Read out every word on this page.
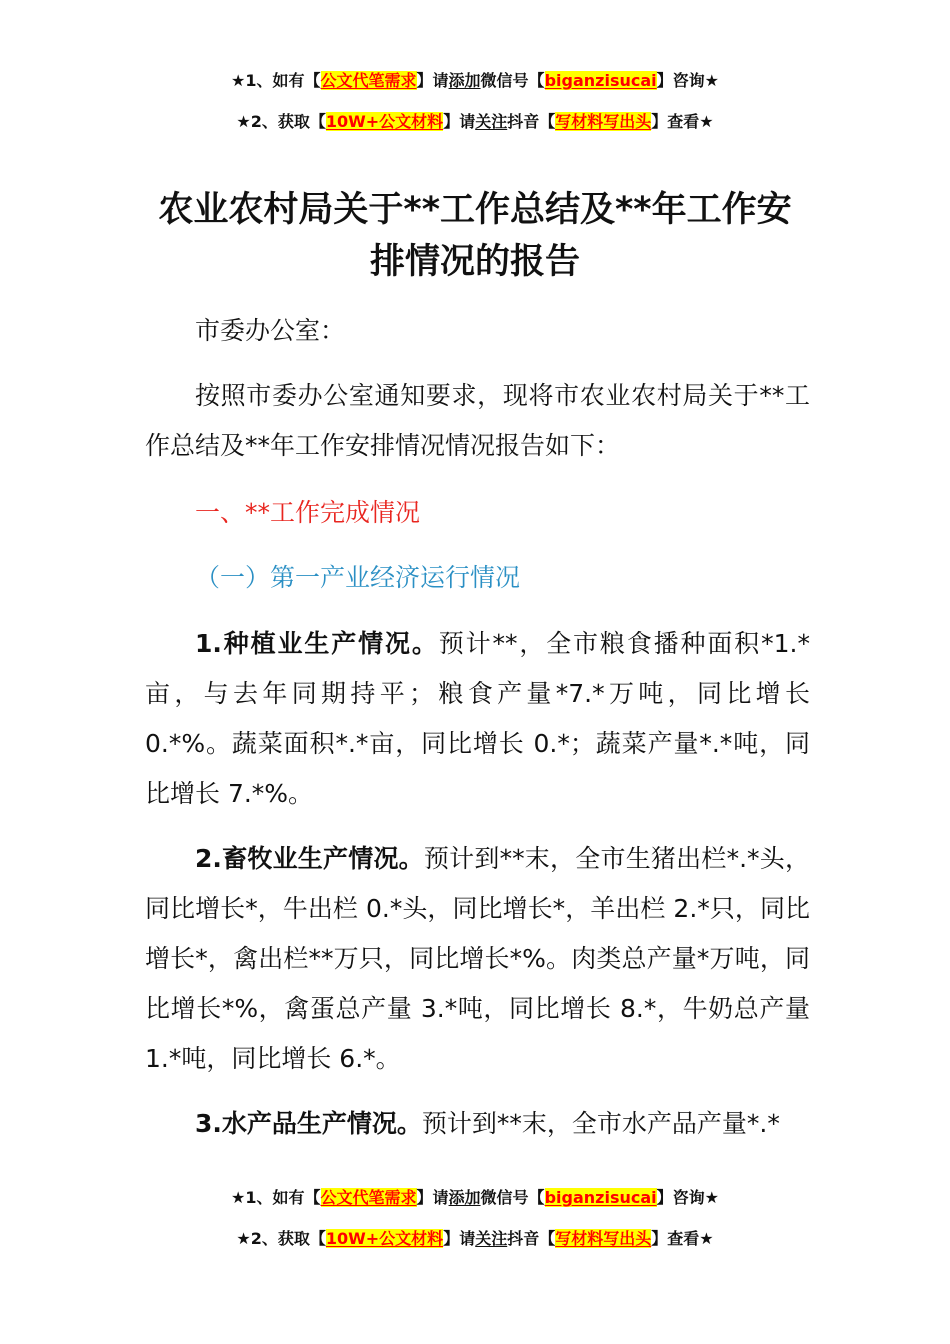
★1、如有【公文代笔需求】请添加微信号【biganzisucai】咨询★
★2、获取【10W+公文材料】请关注抖音【写材料写出头】查看★
农业农村局关于**工作总结及**年工作安
排情况的报告

市委办公室：

按照市委办公室通知要求，现将市农业农村局关于**工作总结及**年工作安排情况情况报告如下：

一、**工作完成情况

（一）第一产业经济运行情况

1.种植业生产情况。预计**，全市粮食播种面积*1.*亩，与去年同期持平；粮食产量*7.*万吨，同比增长 0.*%。蔬菜面积*.*亩，同比增长 0.*；蔬菜产量*.*吨，同比增长 7.*%。

2.畜牧业生产情况。预计到**末，全市生猪出栏*.*头，同比增长*，牛出栏 0.*头，同比增长*，羊出栏 2.*只，同比增长*，禽出栏**万只，同比增长*%。肉类总产量*万吨，同比增长*%，禽蛋总产量 3.*吨，同比增长 8.*，牛奶总产量 1.*吨，同比增长 6.*。

3.水产品生产情况。预计到**末，全市水产品产量*.*

★1、如有【公文代笔需求】请添加微信号【biganzisucai】咨询★
★2、获取【10W+公文材料】请关注抖音【写材料写出头】查看★
